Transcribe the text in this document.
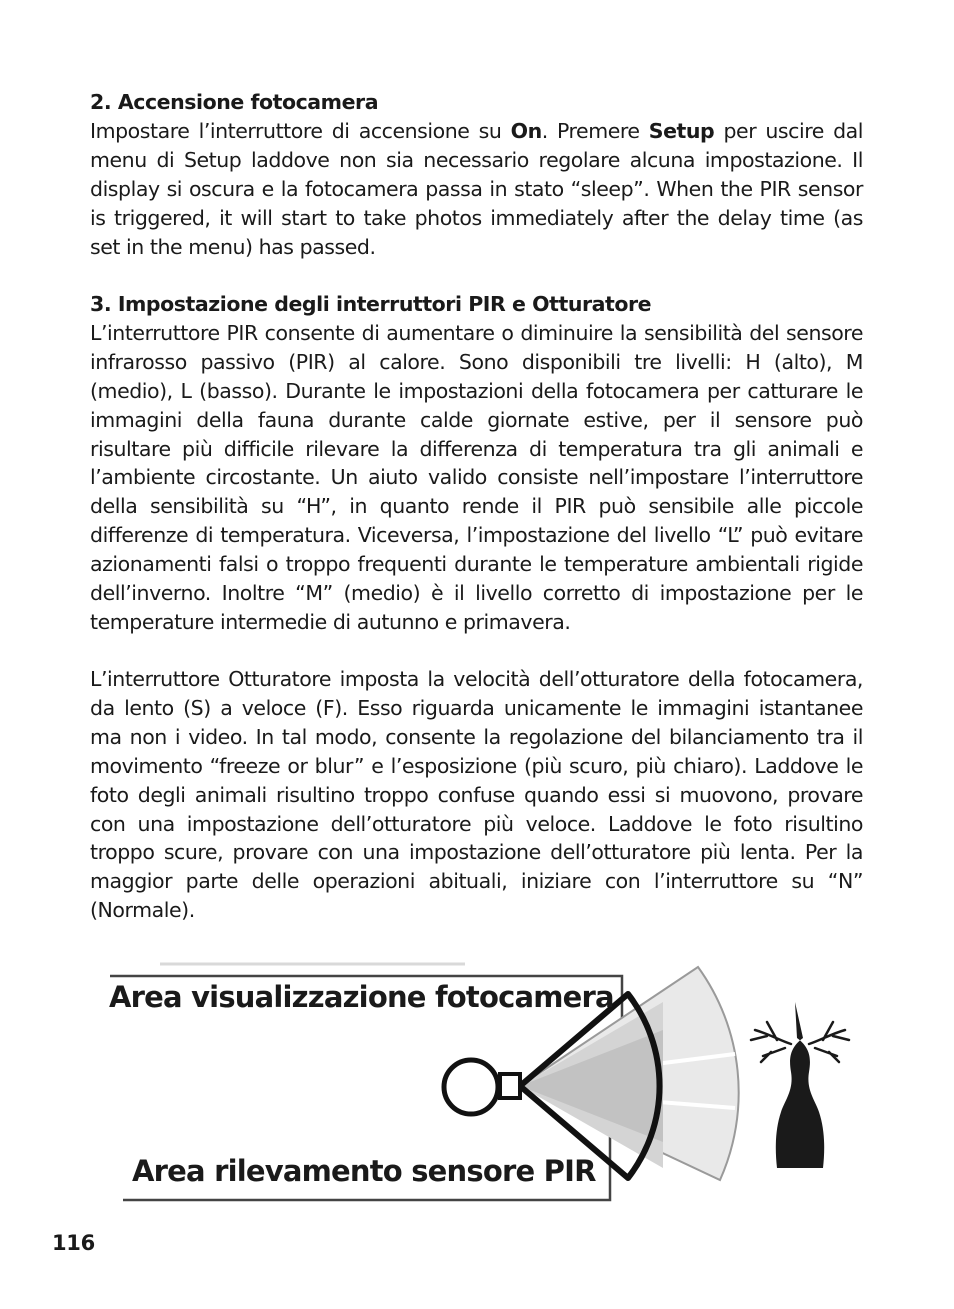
2. Accensione fotocamera

Impostare l’interruttore di accensione su On. Premere Setup per uscire dal menu di Setup laddove non sia necessario regolare alcuna impostazione. Il display si oscura e la fotocamera passa in stato “sleep”. When the PIR sensor is triggered, it will start to take photos immediately after the delay time (as set in the menu) has passed.

3. Impostazione degli interruttori PIR e Otturatore

L’interruttore PIR consente di aumentare o diminuire la sensibilità del sensore infrarosso passivo (PIR) al calore. Sono disponibili tre livelli: H (alto), M (medio), L (basso). Durante le impostazioni della fotocamera per catturare le immagini della fauna durante calde giornate estive, per il sensore può risultare più difficile rilevare la differenza di temperatura tra gli animali e l’ambiente circostante. Un aiuto valido consiste nell’impostare l’interruttore della sensibilità su “H”, in quanto rende il PIR può sensibile alle piccole differenze di temperatura. Viceversa, l’impostazione del livello “L” può evitare azionamenti falsi o troppo frequenti durante le temperature ambientali rigide dell’inverno. Inoltre “M” (medio) è il livello corretto di impostazione per le temperature intermedie di autunno e primavera.

L’interruttore Otturatore imposta la velocità dell’otturatore della fotocamera, da lento (S) a veloce (F). Esso riguarda unicamente le immagini istantanee ma non i video. In tal modo, consente la regolazione del bilanciamento tra il movimento “freeze or blur” e l’esposizione (più scuro, più chiaro). Laddove le foto degli animali risultino troppo confuse quando essi si muovono, provare con una impostazione dell’otturatore più veloce. Laddove le foto risultino troppo scure, provare con una impostazione dell’otturatore più lenta. Per la maggior parte delle operazioni abituali, iniziare con l’interruttore su “N” (Normale).

Area visualizzazione fotocamera
Area rilevamento sensore PIR
116
